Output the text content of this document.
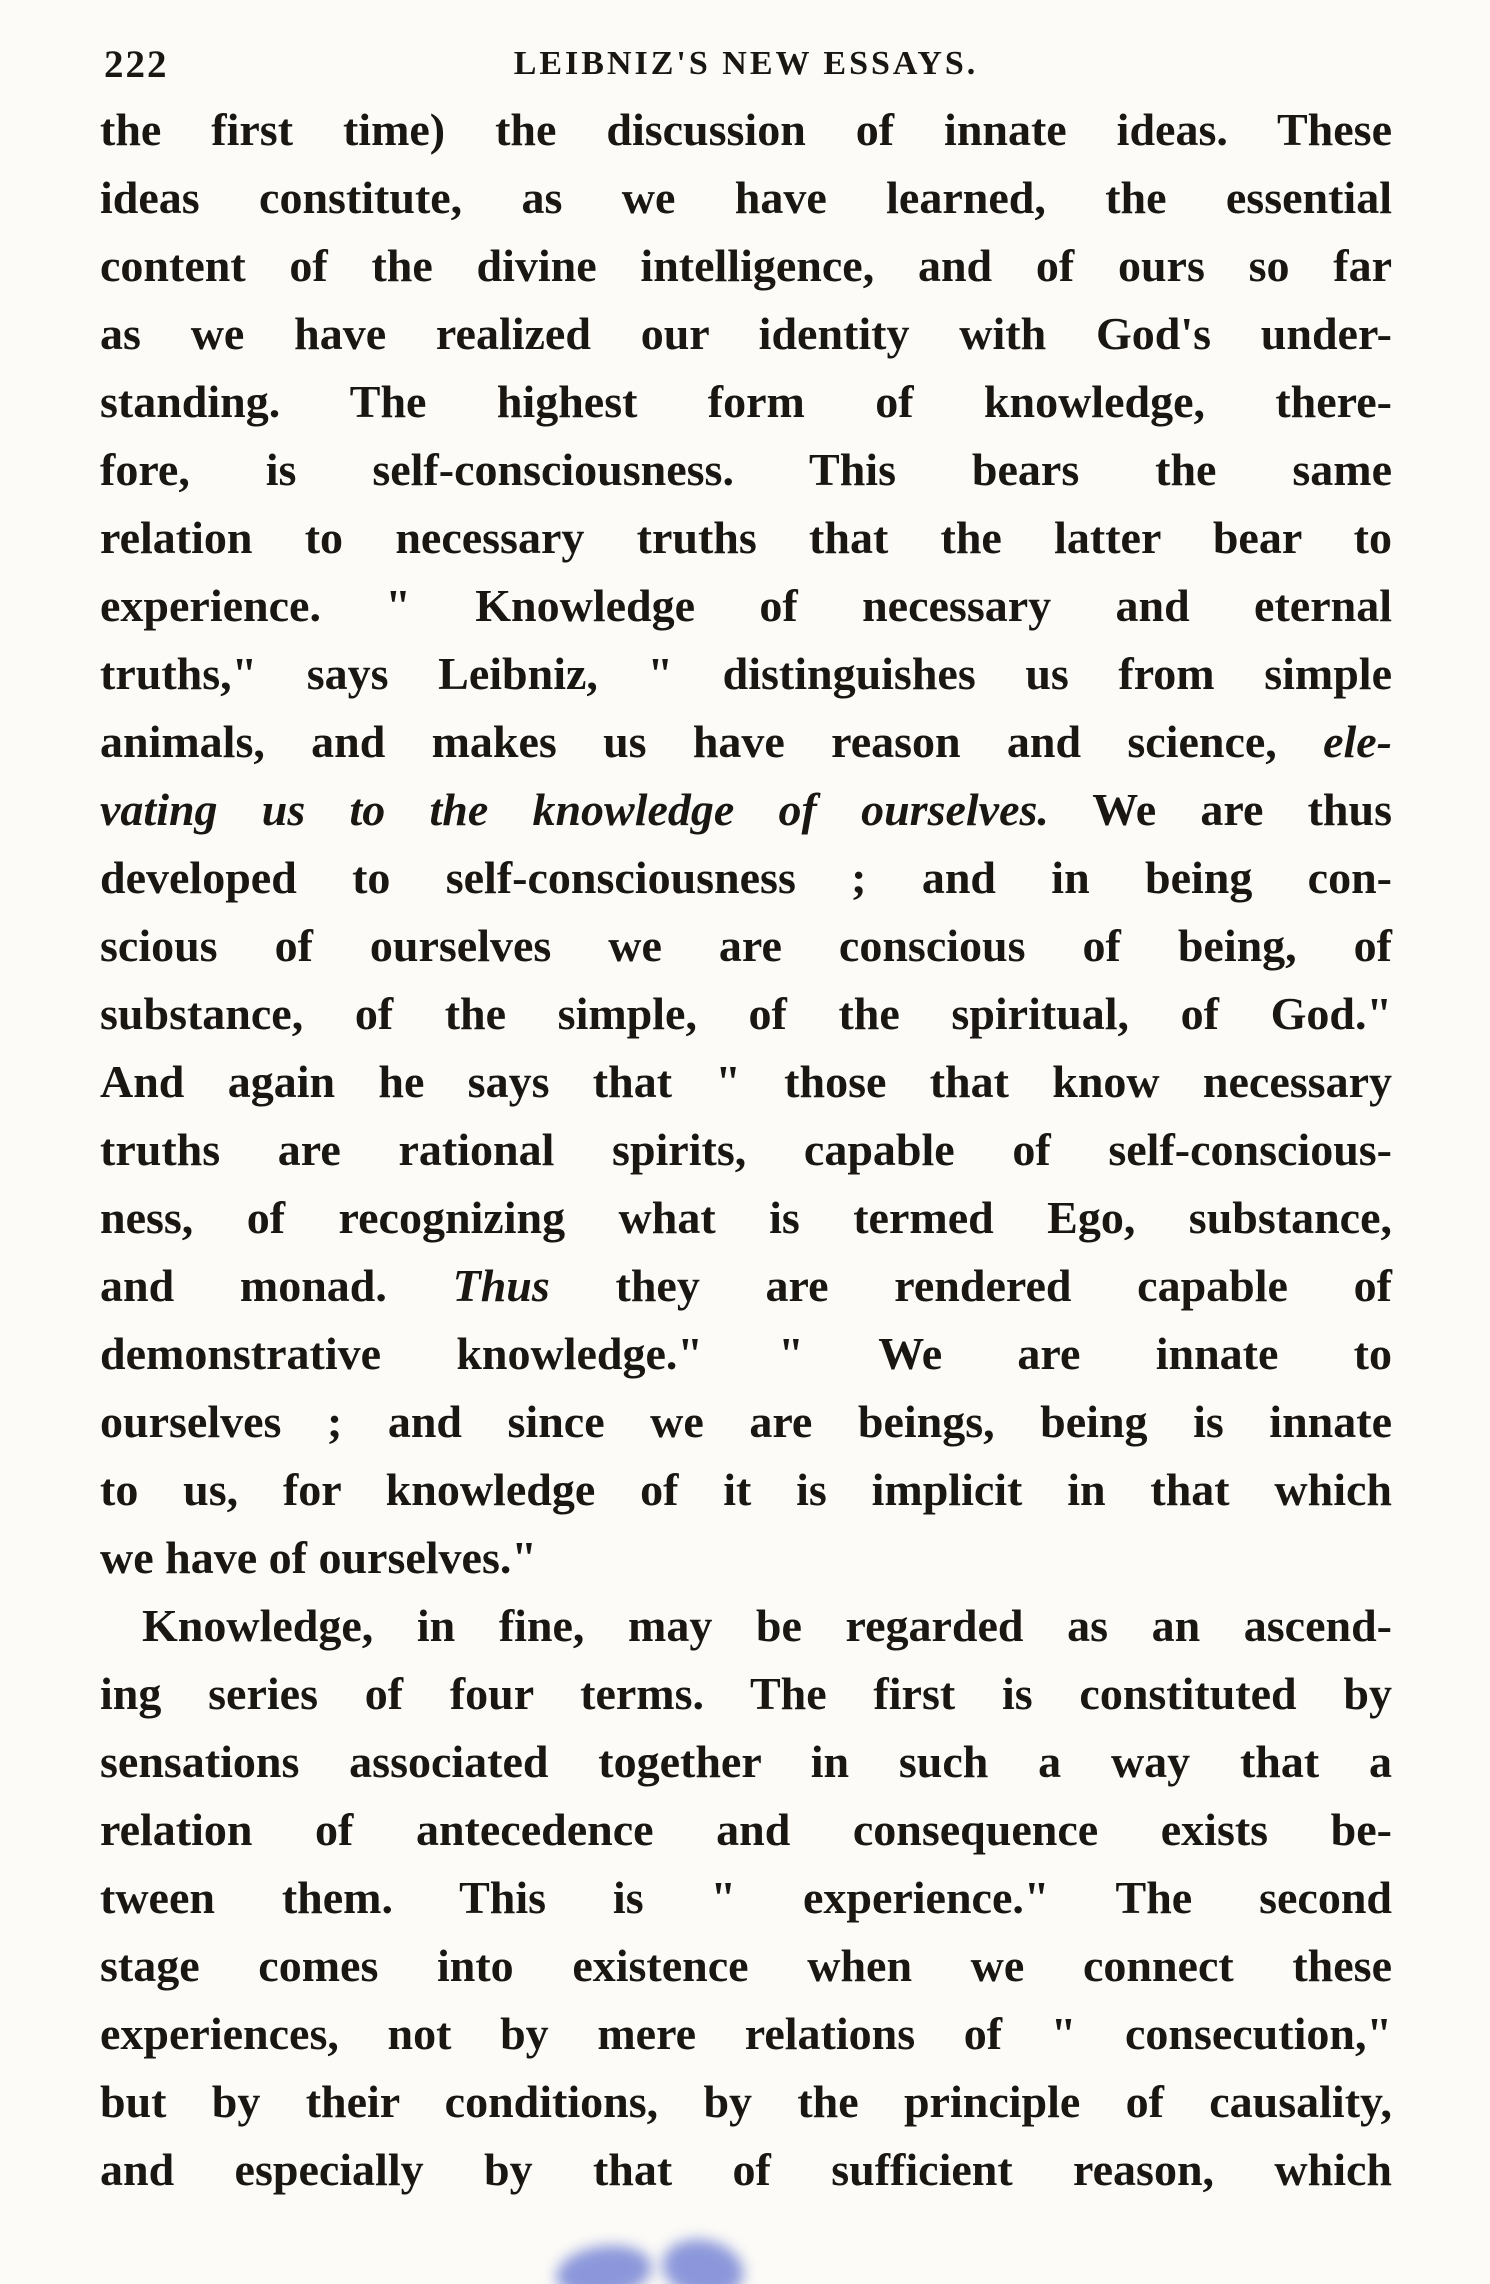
222	LEIBNIZ'S NEW ESSAYS.
the first time) the discussion of innate ideas. These
ideas constitute, as we have learned, the essential
content of the divine intelligence, and of ours so far
as we have realized our identity with God's under-
standing. The highest form of knowledge, there-
fore, is self-consciousness. This bears the same
relation to necessary truths that the latter bear to
experience. " Knowledge of necessary and eternal
truths," says Leibniz, " distinguishes us from simple
animals, and makes us have reason and science, ele-
vating us to the knowledge of ourselves. We are thus
developed to self-consciousness ; and in being con-
scious of ourselves we are conscious of being, of
substance, of the simple, of the spiritual, of God."
And again he says that " those that know necessary
truths are rational spirits, capable of self-conscious-
ness, of recognizing what is termed Ego, substance,
and monad. Thus they are rendered capable of
demonstrative knowledge." " We are innate to
ourselves ; and since we are beings, being is innate
to us, for knowledge of it is implicit in that which
we have of ourselves."
Knowledge, in fine, may be regarded as an ascend-
ing series of four terms. The first is constituted by
sensations associated together in such a way that a
relation of antecedence and consequence exists be-
tween them. This is " experience." The second
stage comes into existence when we connect these
experiences, not by mere relations of " consecution,"
but by their conditions, by the principle of causality,
and especially by that of sufficient reason, which
